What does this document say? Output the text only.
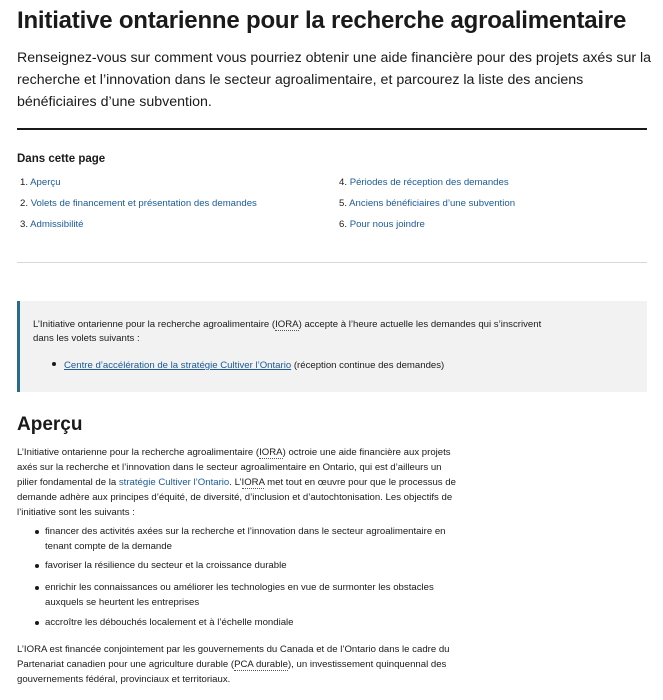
Initiative ontarienne pour la recherche agroalimentaire

Renseignez-vous sur comment vous pourriez obtenir une aide financière pour des projets axés sur la recherche et l’innovation dans le secteur agroalimentaire, et parcourez la liste des anciens bénéficiaires d’une subvention.

Dans cette page
1. Aperçu
2. Volets de financement et présentation des demandes
3. Admissibilité
4. Périodes de réception des demandes
5. Anciens bénéficiaires d’une subvention
6. Pour nous joindre

L’Initiative ontarienne pour la recherche agroalimentaire (IORA) accepte à l’heure actuelle les demandes qui s’inscrivent dans les volets suivants :

Centre d’accélération de la stratégie Cultiver l’Ontario (réception continue des demandes)
Aperçu

L’Initiative ontarienne pour la recherche agroalimentaire (IORA) octroie une aide financière aux projets axés sur la recherche et l’innovation dans le secteur agroalimentaire en Ontario, qui est d’ailleurs un pilier fondamental de la stratégie Cultiver l’Ontario. L’IORA met tout en œuvre pour que le processus de demande adhère aux principes d’équité, de diversité, d’inclusion et d’autochtonisation. Les objectifs de l’initiative sont les suivants :

financer des activités axées sur la recherche et l’innovation dans le secteur agroalimentaire en tenant compte de la demande
favoriser la résilience du secteur et la croissance durable
enrichir les connaissances ou améliorer les technologies en vue de surmonter les obstacles auxquels se heurtent les entreprises
accroître les débouchés localement et à l’échelle mondiale

L’IORA est financée conjointement par les gouvernements du Canada et de l’Ontario dans le cadre du Partenariat canadien pour une agriculture durable (PCA durable), un investissement quinquennal des gouvernements fédéral, provinciaux et territoriaux.
